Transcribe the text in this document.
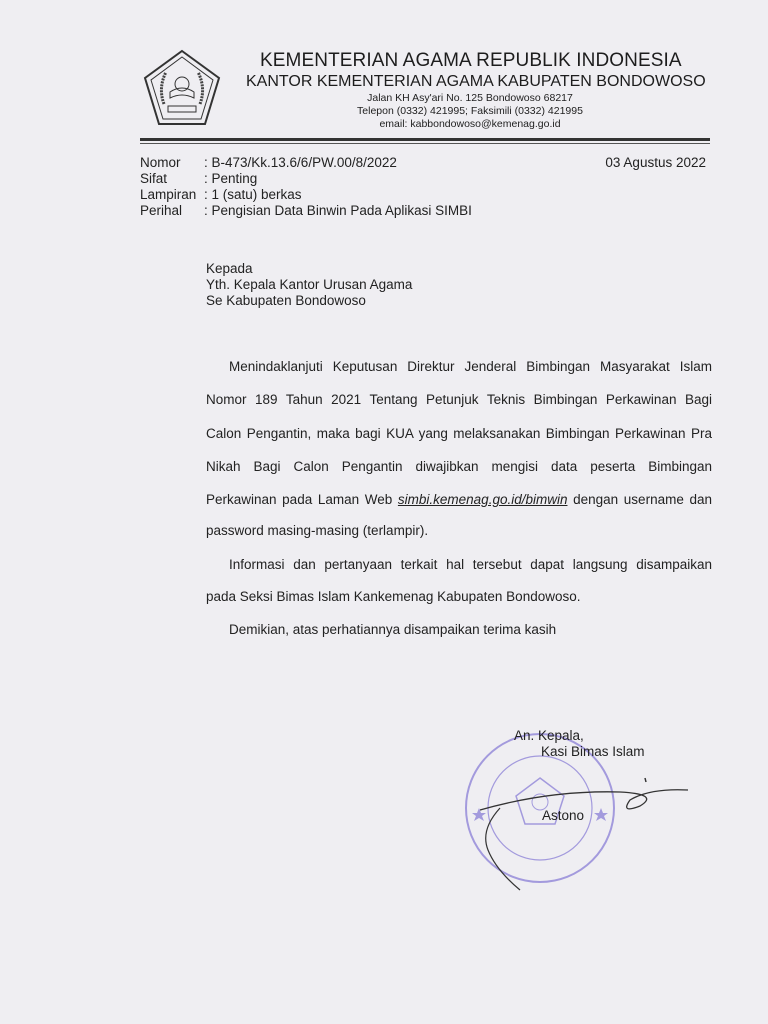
KEMENTERIAN AGAMA REPUBLIK INDONESIA
KANTOR KEMENTERIAN AGAMA KABUPATEN BONDOWOSO
Jalan KH Asy'ari No. 125 Bondowoso 68217
Telepon (0332) 421995; Faksimili (0332) 421995
email: kabbondowoso@kemenag.go.id
03 Agustus 2022
Nomor : B-473/Kk.13.6/6/PW.00/8/2022
Sifat	: Penting
Lampiran : 1 (satu) berkas
Perihal : Pengisian Data Binwin Pada Aplikasi SIMBI
Kepada
Yth. Kepala Kantor Urusan Agama
Se Kabupaten Bondowoso
Menindaklanjuti Keputusan Direktur Jenderal Bimbingan Masyarakat Islam
Nomor 189 Tahun 2021 Tentang Petunjuk Teknis Bimbingan Perkawinan Bagi
Calon Pengantin, maka bagi KUA yang melaksanakan Bimbingan Perkawinan Pra
Nikah Bagi Calon Pengantin diwajibkan mengisi data peserta Bimbingan
Perkawinan pada Laman Web simbi.kemenag.go.id/bimwin dengan username dan
password masing-masing (terlampir).
Informasi dan pertanyaan terkait hal tersebut dapat langsung disampaikan
pada Seksi Bimas Islam Kankemenag Kabupaten Bondowoso.
Demikian, atas perhatiannya disampaikan terima kasih
An. Kepala,
Kasi Bimas Islam
Astono
